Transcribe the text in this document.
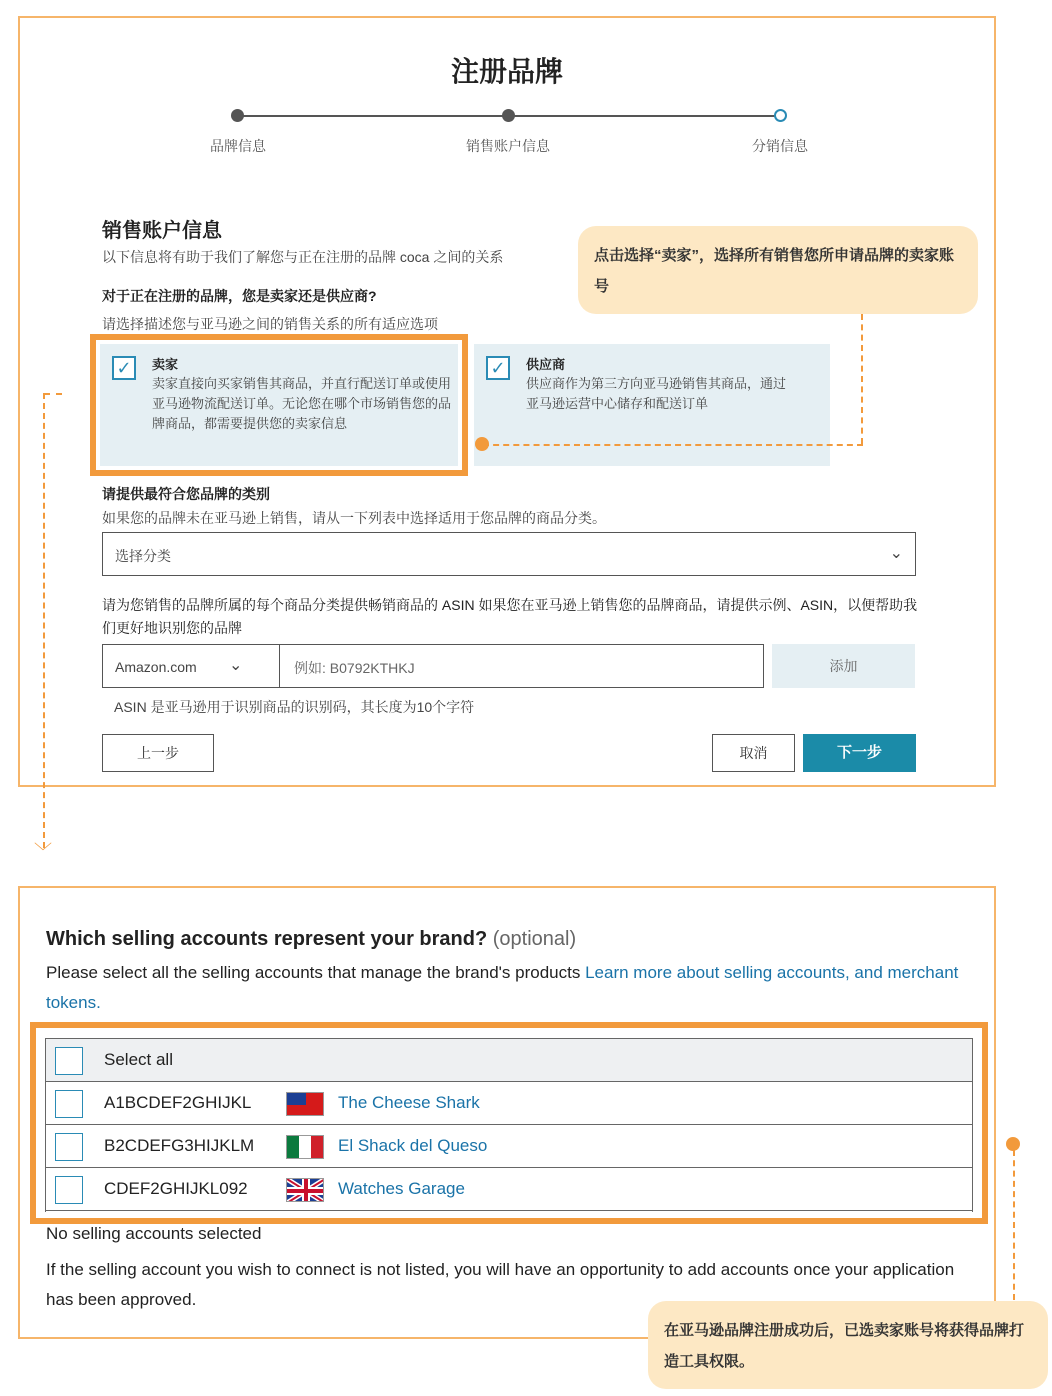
注册品牌
品牌信息	销售账户信息	分销信息
销售账户信息
以下信息将有助于我们了解您与正在注册的品牌 coca 之间的关系
对于正在注册的品牌，您是卖家还是供应商?
请选择描述您与亚马逊之间的销售关系的所有适应选项
✓	卖家
卖家直接向买家销售其商品，并直行配送订单或使用亚马逊物流配送订单。无论您在哪个市场销售您的品牌商品，都需要提供您的卖家信息
✓	供应商
供应商作为第三方向亚马逊销售其商品，通过亚马逊运营中心储存和配送订单
请提供最符合您品牌的类别
如果您的品牌未在亚马逊上销售，请从一下列表中选择适用于您品牌的商品分类。
选择分类	⌄
请为您销售的品牌所属的每个商品分类提供畅销商品的 ASIN 如果您在亚马逊上销售您的品牌商品，请提供示例、ASIN，以便帮助我们更好地识别您的品牌
Amazon.com ⌄	例如: B0792KTHKJ	添加
ASIN 是亚马逊用于识别商品的识别码，其长度为10个字符
上一步	取消	下一步
点击选择“卖家”，选择所有销售您所申请品牌的卖家账号
﹀
Which selling accounts represent your brand? (optional)
Please select all the selling accounts that manage the brand's products Learn more about selling accounts, and merchant tokens.
Select all
A1BCDEF2GHIJKL	The Cheese Shark
B2CDEFG3HIJKLM	El Shack del Queso
CDEF2GHIJKL092	Watches Garage
No selling accounts selected
If the selling account you wish to connect is not listed, you will have an opportunity to add accounts once your application has been approved.
在亚马逊品牌注册成功后，已选卖家账号将获得品牌打造工具权限。
